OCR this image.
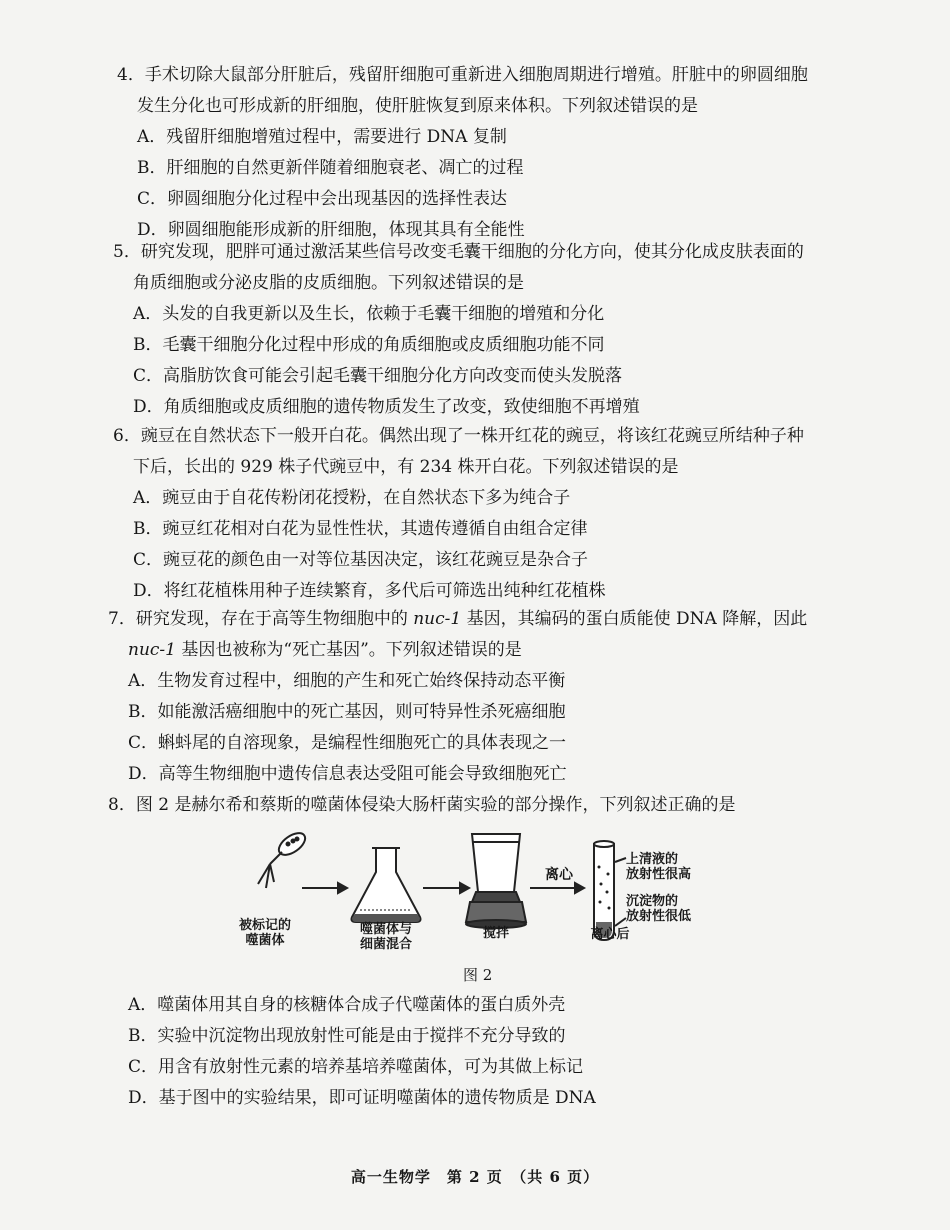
4．手术切除大鼠部分肝脏后，残留肝细胞可重新进入细胞周期进行增殖。肝脏中的卵圆细胞
发生分化也可形成新的肝细胞，使肝脏恢复到原来体积。下列叙述错误的是
A．残留肝细胞增殖过程中，需要进行 DNA 复制
B．肝细胞的自然更新伴随着细胞衰老、凋亡的过程
C．卵圆细胞分化过程中会出现基因的选择性表达
D．卵圆细胞能形成新的肝细胞，体现其具有全能性
5．研究发现，肥胖可通过激活某些信号改变毛囊干细胞的分化方向，使其分化成皮肤表面的
角质细胞或分泌皮脂的皮质细胞。下列叙述错误的是
A．头发的自我更新以及生长，依赖于毛囊干细胞的增殖和分化
B．毛囊干细胞分化过程中形成的角质细胞或皮质细胞功能不同
C．高脂肪饮食可能会引起毛囊干细胞分化方向改变而使头发脱落
D．角质细胞或皮质细胞的遗传物质发生了改变，致使细胞不再增殖
6．豌豆在自然状态下一般开白花。偶然出现了一株开红花的豌豆，将该红花豌豆所结种子种
下后，长出的 929 株子代豌豆中，有 234 株开白花。下列叙述错误的是
A．豌豆由于自花传粉闭花授粉，在自然状态下多为纯合子
B．豌豆红花相对白花为显性性状，其遗传遵循自由组合定律
C．豌豆花的颜色由一对等位基因决定，该红花豌豆是杂合子
D．将红花植株用种子连续繁育，多代后可筛选出纯种红花植株
7．研究发现，存在于高等生物细胞中的 nuc-1 基因，其编码的蛋白质能使 DNA 降解，因此
nuc-1 基因也被称为“死亡基因”。下列叙述错误的是
A．生物发育过程中，细胞的产生和死亡始终保持动态平衡
B．如能激活癌细胞中的死亡基因，则可特异性杀死癌细胞
C．蝌蚪尾的自溶现象，是编程性细胞死亡的具体表现之一
D．高等生物细胞中遗传信息表达受阻可能会导致细胞死亡
8．图 2 是赫尔希和蔡斯的噬菌体侵染大肠杆菌实验的部分操作，下列叙述正确的是
被标记的
噬菌体
噬菌体与
细菌混合
搅拌
离心
离心后
上清液的
放射性很高
沉淀物的
放射性很低
图 2
A．噬菌体用其自身的核糖体合成子代噬菌体的蛋白质外壳
B．实验中沉淀物出现放射性可能是由于搅拌不充分导致的
C．用含有放射性元素的培养基培养噬菌体，可为其做上标记
D．基于图中的实验结果，即可证明噬菌体的遗传物质是 DNA
高一生物学　第 2 页　（共 6 页）
